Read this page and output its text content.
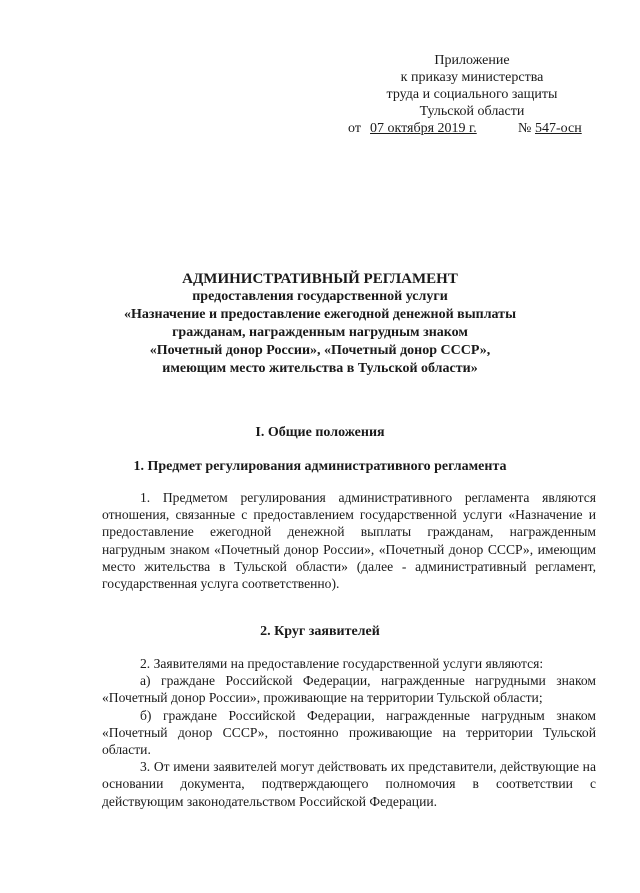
Приложение
к приказу министерства
труда и социального защиты
Тульской области
от 07 октября 2019 г.	№ 547-осн
АДМИНИСТРАТИВНЫЙ РЕГЛАМЕНТ
предоставления государственной услуги
«Назначение и предоставление ежегодной денежной выплаты
гражданам, награжденным нагрудным знаком
«Почетный донор России», «Почетный донор СССР»,
имеющим место жительства в Тульской области»
I. Общие положения
1. Предмет регулирования административного регламента

1. Предметом регулирования административного регламента являются отношения, связанные с предоставлением государственной услуги «Назначение и предоставление ежегодной денежной выплаты гражданам, награжденным нагрудным знаком «Почетный донор России», «Почетный донор СССР», имеющим место жительства в Тульской области» (далее - административный регламент, государственная услуга соответственно).

2. Круг заявителей

2. Заявителями на предоставление государственной услуги являются:

а) граждане Российской Федерации, награжденные нагрудными знаком «Почетный донор России», проживающие на территории Тульской области;

б) граждане Российской Федерации, награжденные нагрудным знаком «Почетный донор СССР», постоянно проживающие на территории Тульской области.

3. От имени заявителей могут действовать их представители, действующие на основании документа, подтверждающего полномочия в соответствии с действующим законодательством Российской Федерации.
